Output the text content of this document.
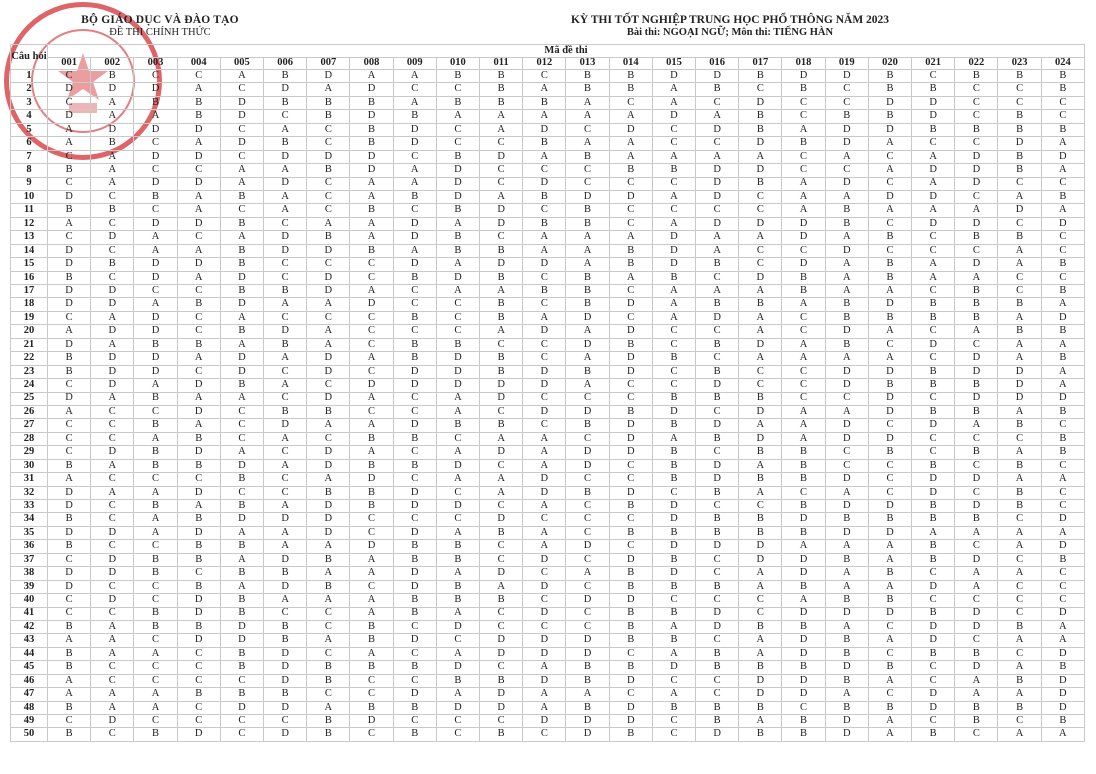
BỘ GIÁO DỤC VÀ ĐÀO TẠO
ĐỀ THI CHÍNH THỨC
KỲ THI TỐT NGHIỆP TRUNG HỌC PHỔ THÔNG NĂM 2023
Bài thi: NGOẠI NGỮ; Môn thi: TIẾNG HÀN
Câu hỏi	Mã đề thi																							
	001	002	003	004	005	006	007	008	009	010	011	012	013	014	015	016	017	018	019	020	021	022	023	024
1	C	B	C	C	A	B	D	A	A	B	B	C	B	B	D	D	B	D	D	B	C	B	B	B
2	D	D	D	A	C	D	A	D	C	C	B	A	B	B	A	B	C	B	C	B	B	C	C	B
3	C	A	B	B	D	B	B	B	A	B	B	B	A	C	A	C	D	C	C	D	D	C	C	C
4	D	A	A	B	D	C	B	D	B	A	A	A	A	A	D	A	B	C	B	B	D	C	B	C
5	A	D	D	D	C	A	C	B	D	C	A	D	C	D	C	D	B	A	D	D	B	B	B	B
6	A	B	C	A	D	B	C	B	D	C	C	B	A	A	C	C	D	B	D	A	C	C	D	A
7	C	A	D	D	C	D	D	D	C	B	D	A	B	A	A	A	A	C	A	C	A	D	B	D
8	B	A	C	C	A	A	B	D	A	D	C	C	C	B	B	D	D	C	C	A	D	D	B	A
9	C	A	D	D	A	D	C	A	A	D	C	D	C	C	C	D	B	A	D	C	A	D	C	C
10	D	C	B	A	B	A	C	A	B	D	A	B	D	D	A	D	C	A	A	D	D	C	A	B
11	B	B	C	A	C	A	C	B	C	B	D	C	B	C	C	C	C	A	B	A	A	A	D	A
12	A	C	D	D	B	C	A	A	D	A	D	B	B	C	A	D	D	D	B	C	D	D	C	D
13	C	D	A	C	A	D	B	A	D	B	C	A	A	A	D	A	A	D	A	B	C	B	B	C
14	D	C	A	A	B	D	D	B	A	B	B	A	A	B	D	A	C	C	D	C	C	C	A	C
15	D	B	D	D	B	C	C	C	D	A	D	D	A	B	D	B	C	D	A	B	A	D	A	B
16	B	C	D	A	D	C	D	C	B	D	B	C	B	A	B	C	D	B	A	B	A	A	C	C
17	D	D	C	C	B	B	D	A	C	A	A	B	B	C	A	A	A	B	A	A	C	B	C	B
18	D	D	A	B	D	A	A	D	C	C	B	C	B	D	A	B	B	A	B	D	B	B	B	A
19	C	A	D	C	A	C	C	C	B	C	B	A	D	C	A	D	A	C	B	B	B	B	A	D
20	A	D	D	C	B	D	A	C	C	C	A	D	A	D	C	C	A	C	D	A	C	A	B	B
21	D	A	B	B	A	B	A	C	B	B	C	C	D	B	C	B	D	A	B	C	D	C	A	A
22	B	D	D	A	D	A	D	A	B	D	B	C	A	D	B	C	A	A	A	A	C	D	A	B
23	B	D	D	C	D	C	D	C	D	D	B	D	B	D	C	B	C	C	D	D	B	D	D	A
24	C	D	A	D	B	A	C	D	D	D	D	D	A	C	C	D	C	C	D	B	B	B	D	A
25	D	A	B	A	A	C	D	A	C	A	D	C	C	C	B	B	B	C	C	D	C	D	D	D
26	A	C	C	D	C	B	B	C	C	A	C	D	D	B	D	C	D	A	A	D	B	B	A	B
27	C	C	B	A	C	D	A	A	D	B	B	C	B	D	B	D	A	A	D	C	D	A	B	C
28	C	C	A	B	C	A	C	B	B	C	A	A	C	D	A	B	D	A	D	D	C	C	C	B
29	C	D	B	D	A	C	D	A	C	A	D	A	D	D	B	C	B	B	C	B	C	B	A	B
30	B	A	B	B	D	A	D	B	B	D	C	A	D	C	B	D	A	B	C	C	B	C	B	C
31	A	C	C	C	B	C	A	D	C	A	A	D	C	C	B	D	B	B	D	C	D	D	A	A
32	D	A	A	D	C	C	B	B	D	C	A	D	B	D	C	B	A	C	A	C	D	C	B	C
33	D	C	B	A	B	A	D	B	D	D	C	A	C	B	D	C	C	B	D	D	B	D	B	C
34	B	C	A	B	D	D	D	C	C	C	D	C	C	C	D	B	B	D	B	B	B	B	C	D
35	D	D	A	D	A	A	D	C	D	A	B	A	C	B	B	B	B	B	D	D	A	A	A	A
36	B	C	C	B	B	A	A	D	B	B	C	A	D	C	D	D	D	A	A	A	B	C	A	D
37	C	D	B	B	A	D	B	A	B	B	C	D	C	D	B	C	D	D	B	A	B	D	C	B
38	D	D	B	C	B	B	A	A	D	A	D	C	A	B	D	C	A	D	A	B	C	A	A	C
39	D	C	C	B	A	D	B	C	D	B	A	D	C	B	B	B	A	B	A	A	D	A	C	C
40	C	D	C	D	B	A	A	A	B	B	B	C	D	D	C	C	C	A	B	B	C	C	C	C
41	C	C	B	D	B	C	C	A	B	A	C	D	C	B	B	D	C	D	D	D	B	D	C	D
42	B	A	B	B	D	B	C	B	C	D	C	C	C	B	A	D	B	B	A	C	D	D	B	A
43	A	A	C	D	D	B	A	B	D	C	D	D	D	B	B	C	A	D	B	A	D	C	A	A
44	B	A	A	C	B	D	C	A	C	A	D	D	D	C	A	B	A	D	B	C	B	B	C	D
45	B	C	C	C	B	D	B	B	B	D	C	A	B	B	D	B	B	B	D	B	C	D	A	B
46	A	C	C	C	C	D	B	C	C	B	B	D	B	D	C	C	D	D	B	A	C	A	B	D
47	A	A	A	B	B	B	C	C	D	A	D	A	A	C	A	C	D	D	A	C	D	A	A	D
48	B	A	A	C	D	D	A	B	B	D	D	A	B	D	B	B	B	C	B	B	D	B	B	D
49	C	D	C	C	C	C	B	D	C	C	C	D	D	D	C	B	A	B	D	A	C	B	C	B
50	B	C	B	D	C	D	B	C	B	C	B	C	D	B	C	D	B	B	D	A	B	C	A	A
